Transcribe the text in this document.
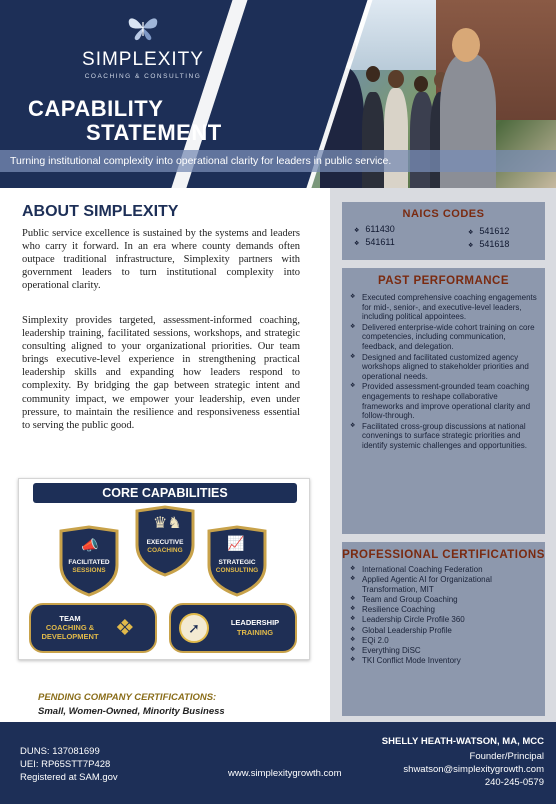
SIMPLEXITY
COACHING & CONSULTING
CAPABILITY
STATEMENT
Turning institutional complexity into operational clarity for leaders in public service.
ABOUT SIMPLEXITY
Public service excellence is sustained by the systems and leaders who carry it forward. In an era where county demands often outpace traditional infrastructure, Simplexity partners with government leaders to turn institutional complexity into operational clarity.
Simplexity provides targeted, assessment-informed coaching, leadership training, facilitated sessions, workshops, and strategic consulting aligned to your organizational priorities. Our team brings executive-level experience in strengthening practical leadership skills and expanding how leaders respond to complexity. By bridging the gap between strategic intent and community impact, we empower your leadership, even under pressure, to maintain the resilience and responsiveness essential to serving the public good.
CORE CAPABILITIES
📣
FACILITATED
SESSIONS
♛♞
EXECUTIVE
COACHING	📈
STRATEGIC
CONSULTING
TEAM
COACHING &
DEVELOPMENT ❖	➚	LEADERSHIP
TRAINING
PENDING COMPANY CERTIFICATIONS:
Small, Women-Owned, Minority Business
NAICS CODES
❖ 611430	❖ 541612
❖ 541611	❖ 541618
PAST PERFORMANCE
❖ Executed comprehensive coaching engagements for mid-, senior-, and executive-level leaders, including political appointees.
❖ Delivered enterprise-wide cohort training on core competencies, including communication, feedback, and delegation.
❖ Designed and facilitated customized agency workshops aligned to stakeholder priorities and operational needs.
❖ Provided assessment-grounded team coaching engagements to reshape collaborative frameworks and improve operational clarity and follow-through.
❖ Facilitated cross-group discussions at national convenings to surface strategic priorities and identify systemic challenges and opportunities.
PROFESSIONAL CERTIFICATIONS
❖ International Coaching Federation
❖ Applied Agentic AI for Organizational Transformation, MIT
❖ Team and Group Coaching
❖ Resilience Coaching
❖ Leadership Circle Profile 360
❖ Global Leadership Profile
❖ EQi 2.0
❖ Everything DiSC
❖ TKI Conflict Mode Inventory
DUNS: 137081699
UEI: RP65STT7P428
Registered at SAM.gov	www.simplexitygrowth.com
SHELLY HEATH-WATSON, MA, MCC
Founder/Principal
shwatson@simplexitygrowth.com
240-245-0579
